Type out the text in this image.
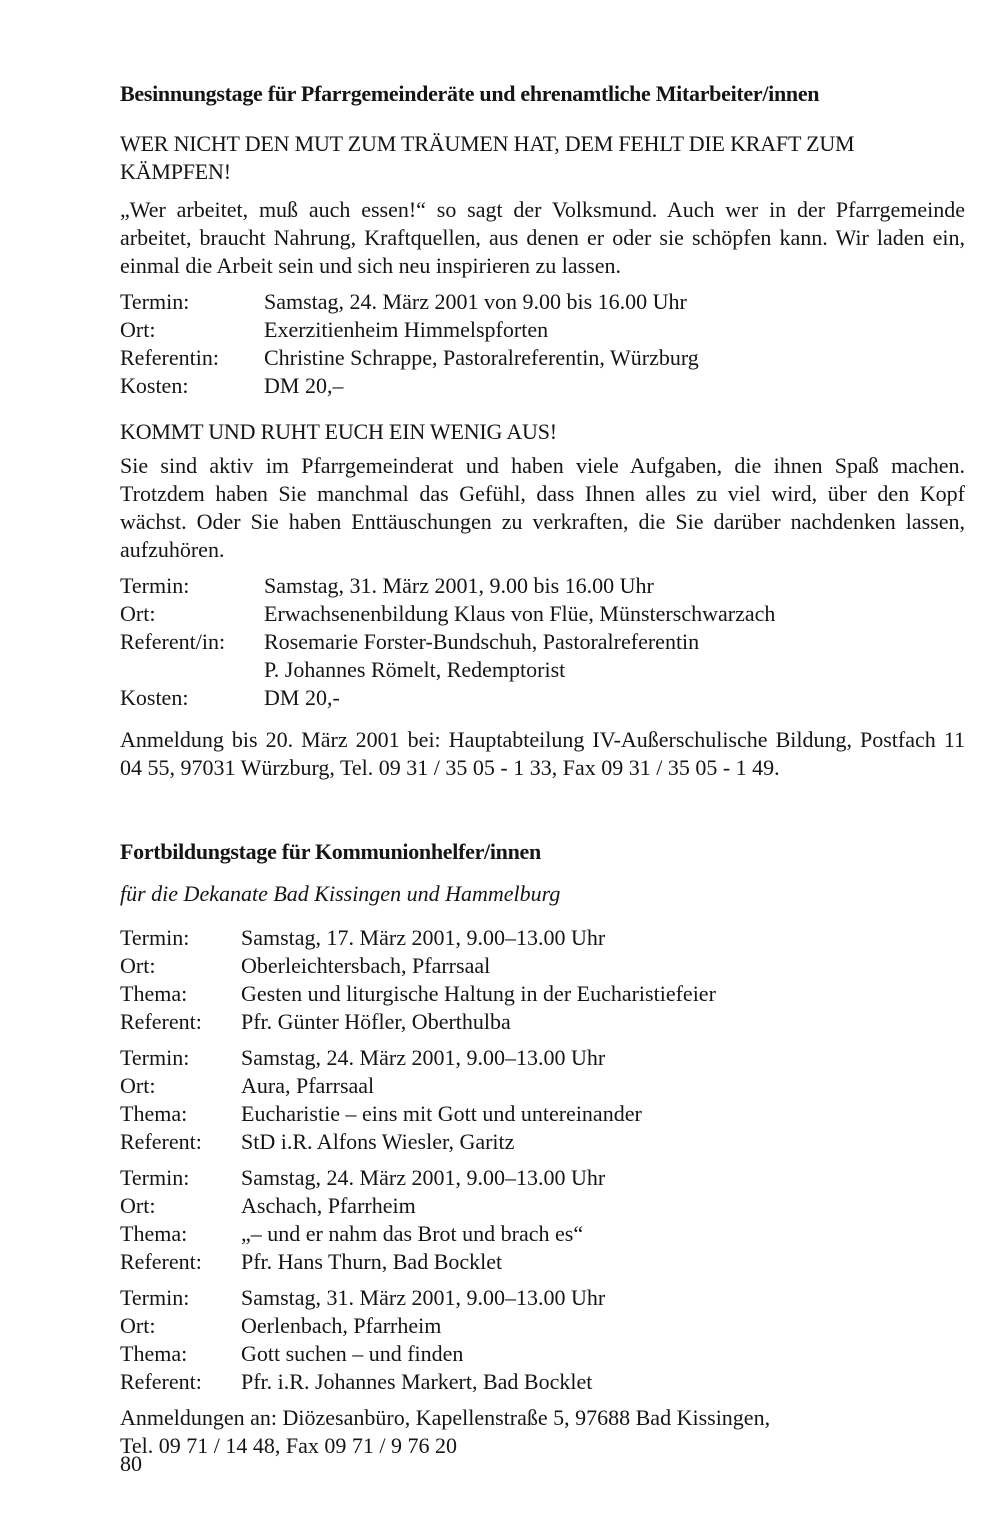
Besinnungstage für Pfarrgemeinderäte und ehrenamtliche Mitarbeiter/innen

WER NICHT DEN MUT ZUM TRÄUMEN HAT, DEM FEHLT DIE KRAFT ZUM

KÄMPFEN!

„Wer arbeitet, muß auch essen!“ so sagt der Volksmund. Auch wer in der Pfarrgemeinde arbeitet, braucht Nahrung, Kraftquellen, aus denen er oder sie schöpfen kann. Wir laden ein, einmal die Arbeit sein und sich neu inspirieren zu lassen.

Termin:	Samstag, 24. März 2001 von 9.00 bis 16.00 Uhr
Ort:	Exerzitienheim Himmelspforten
Referentin:	Christine Schrappe, Pastoralreferentin, Würzburg
Kosten:	DM 20,–

KOMMT UND RUHT EUCH EIN WENIG AUS!

Sie sind aktiv im Pfarrgemeinderat und haben viele Aufgaben, die ihnen Spaß machen. Trotzdem haben Sie manchmal das Gefühl, dass Ihnen alles zu viel wird, über den Kopf wächst. Oder Sie haben Enttäuschungen zu verkraften, die Sie darüber nachdenken lassen, aufzuhören.

Termin:	Samstag, 31. März 2001, 9.00 bis 16.00 Uhr
Ort:	Erwachsenenbildung Klaus von Flüe, Münsterschwarzach
Referent/in:	Rosemarie Forster-Bundschuh, Pastoralreferentin
P. Johannes Römelt, Redemptorist
Kosten:	DM 20,-

Anmeldung bis 20. März 2001 bei: Hauptabteilung IV-Außerschulische Bildung, Postfach 11 04 55, 97031 Würzburg, Tel. 09 31 / 35 05 - 1 33, Fax 09 31 / 35 05 - 1 49.

Fortbildungstage für Kommunionhelfer/innen

für die Dekanate Bad Kissingen und Hammelburg

Termin:	Samstag, 17. März 2001, 9.00–13.00 Uhr
Ort:	Oberleichtersbach, Pfarrsaal
Thema:	Gesten und liturgische Haltung in der Eucharistiefeier
Referent:	Pfr. Günter Höfler, Oberthulba
Termin:	Samstag, 24. März 2001, 9.00–13.00 Uhr
Ort:	Aura, Pfarrsaal
Thema:	Eucharistie – eins mit Gott und untereinander
Referent:	StD i.R. Alfons Wiesler, Garitz
Termin:	Samstag, 24. März 2001, 9.00–13.00 Uhr
Ort:	Aschach, Pfarrheim
Thema:	„– und er nahm das Brot und brach es“
Referent:	Pfr. Hans Thurn, Bad Bocklet
Termin:	Samstag, 31. März 2001, 9.00–13.00 Uhr
Ort:	Oerlenbach, Pfarrheim
Thema:	Gott suchen – und finden
Referent:	Pfr. i.R. Johannes Markert, Bad Bocklet

Anmeldungen an: Diözesanbüro, Kapellenstraße 5, 97688 Bad Kissingen,

Tel. 09 71 / 14 48, Fax 09 71 / 9 76 20

80
